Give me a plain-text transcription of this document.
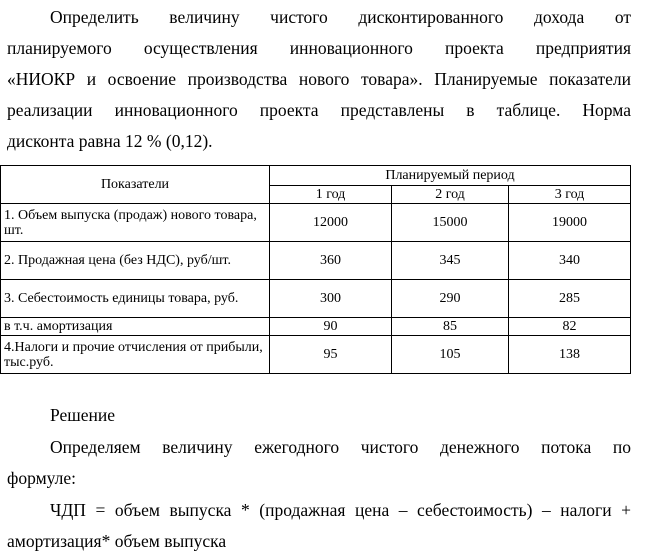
Определить величину чистого дисконтированного дохода от
планируемого осуществления инновационного проекта предприятия
«НИОКР и освоение производства нового товара». Планируемые показатели
реализации инновационного проекта представлены в таблице. Норма
дисконта равна 12 % (0,12).
Показатели	Планируемый период		
	1 год	2 год	3 год
1. Объем выпуска (продаж) нового товара, шт.	12000	15000	19000
2. Продажная цена (без НДС), руб/шт.	360	345	340
3. Себестоимость единицы товара, руб.	300	290	285
в т.ч. амортизация	90	85	82
4.Налоги и прочие отчисления от прибыли, тыс.руб.	95	105	138

Решение

Определяем величину ежегодного чистого денежного потока по
формуле:
ЧДП = объем выпуска * (продажная цена – себестоимость) – налоги +
амортизация* объем выпуска
